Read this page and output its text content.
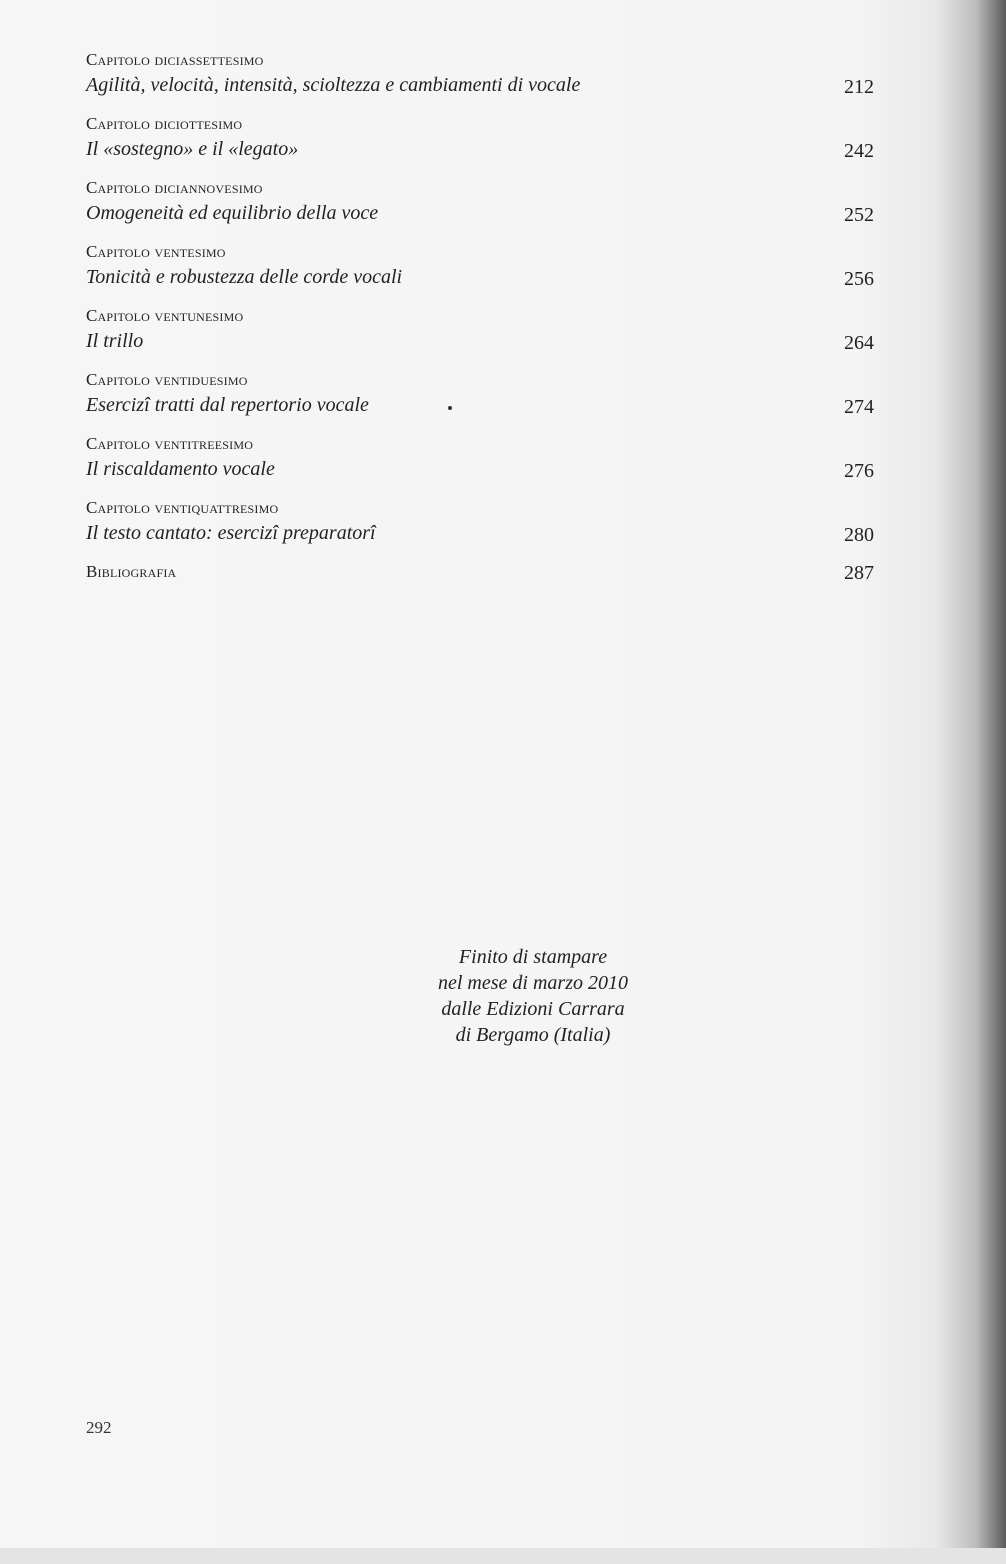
Capitolo diciassettesimo
Agilità, velocità, intensità, scioltezza e cambiamenti di vocale	212
Capitolo diciottesimo
Il «sostegno» e il «legato»	242
Capitolo diciannovesimo
Omogeneità ed equilibrio della voce	252
Capitolo ventesimo
Tonicità e robustezza delle corde vocali	256
Capitolo ventunesimo
Il trillo	264
Capitolo ventiduesimo
Esercizî tratti dal repertorio vocale	274
Capitolo ventitreesimo
Il riscaldamento vocale	276
Capitolo ventiquattresimo
Il testo cantato: esercizî preparatorî	280
Bibliografia	287
Finito di stampare
nel mese di marzo 2010
dalle Edizioni Carrara
di Bergamo (Italia)
292
